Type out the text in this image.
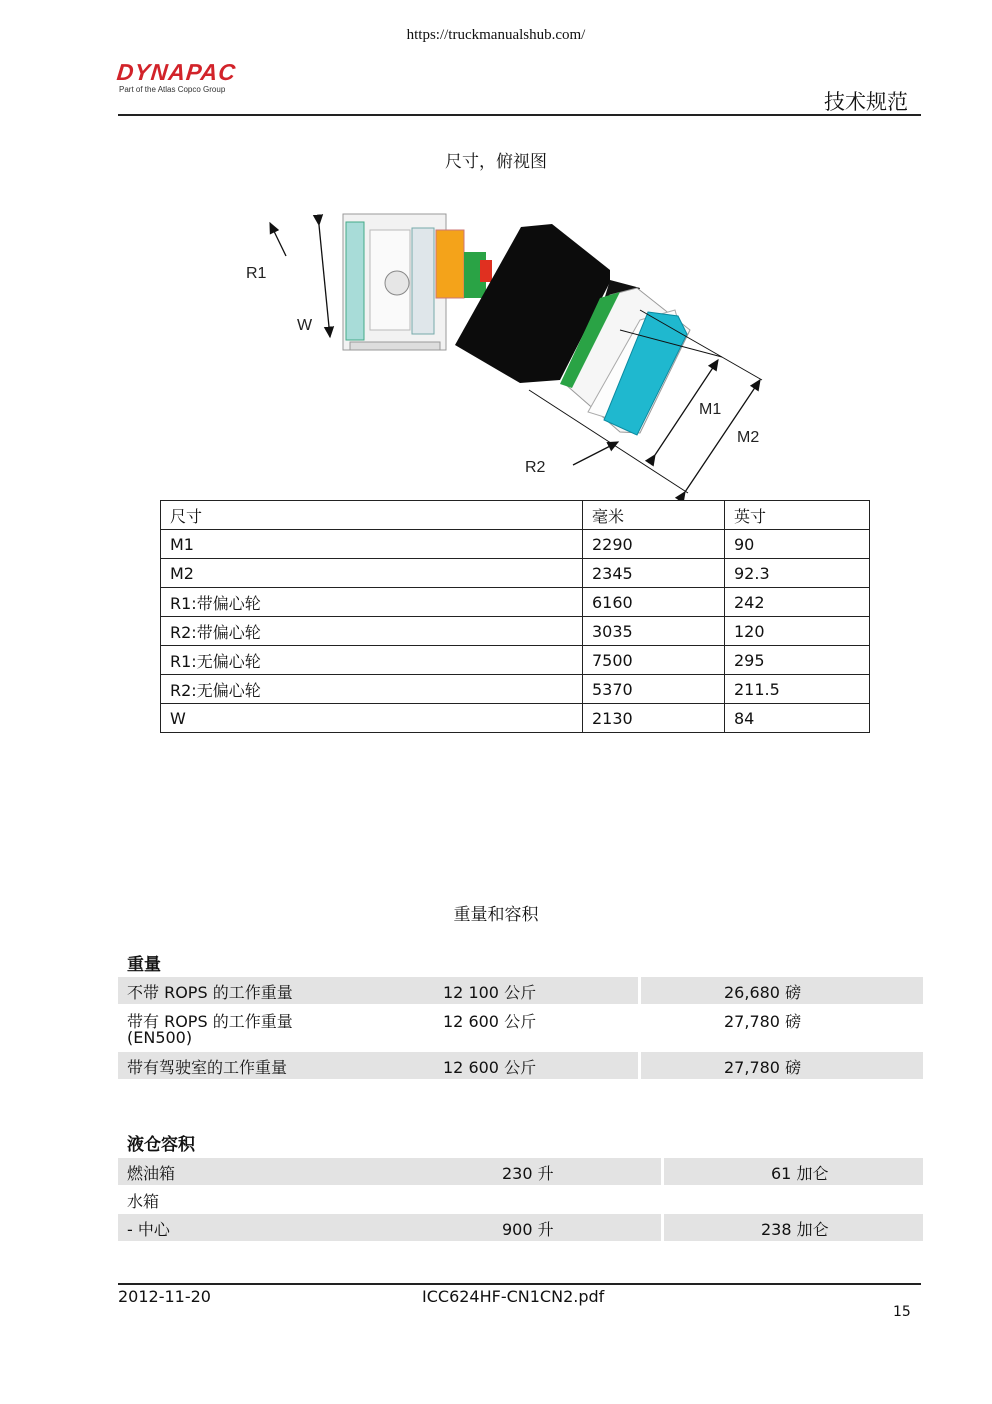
https://truckmanualshub.com/
DYNAPAC
Part of the Atlas Copco Group
技术规范
尺寸，俯视图
R1
W
M1
M2
R2
尺寸	毫米	英寸
M1	2290	90
M2	2345	92.3
R1:带偏心轮	6160	242
R2:带偏心轮	3035	120
R1:无偏心轮	7500	295
R2:无偏心轮	5370	211.5
W	2130	84
重量和容积
重量
不带 ROPS 的工作重量	12 100 公斤	26,680 磅
带有 ROPS 的工作重量
(EN500)
12 600 公斤	27,780 磅
带有驾驶室的工作重量	12 600 公斤	27,780 磅
液仓容积
燃油箱	230 升	61 加仑
水箱
- 中心	900 升	238 加仑
2012-11-20	ICC624HF-CN1CN2.pdf
15
